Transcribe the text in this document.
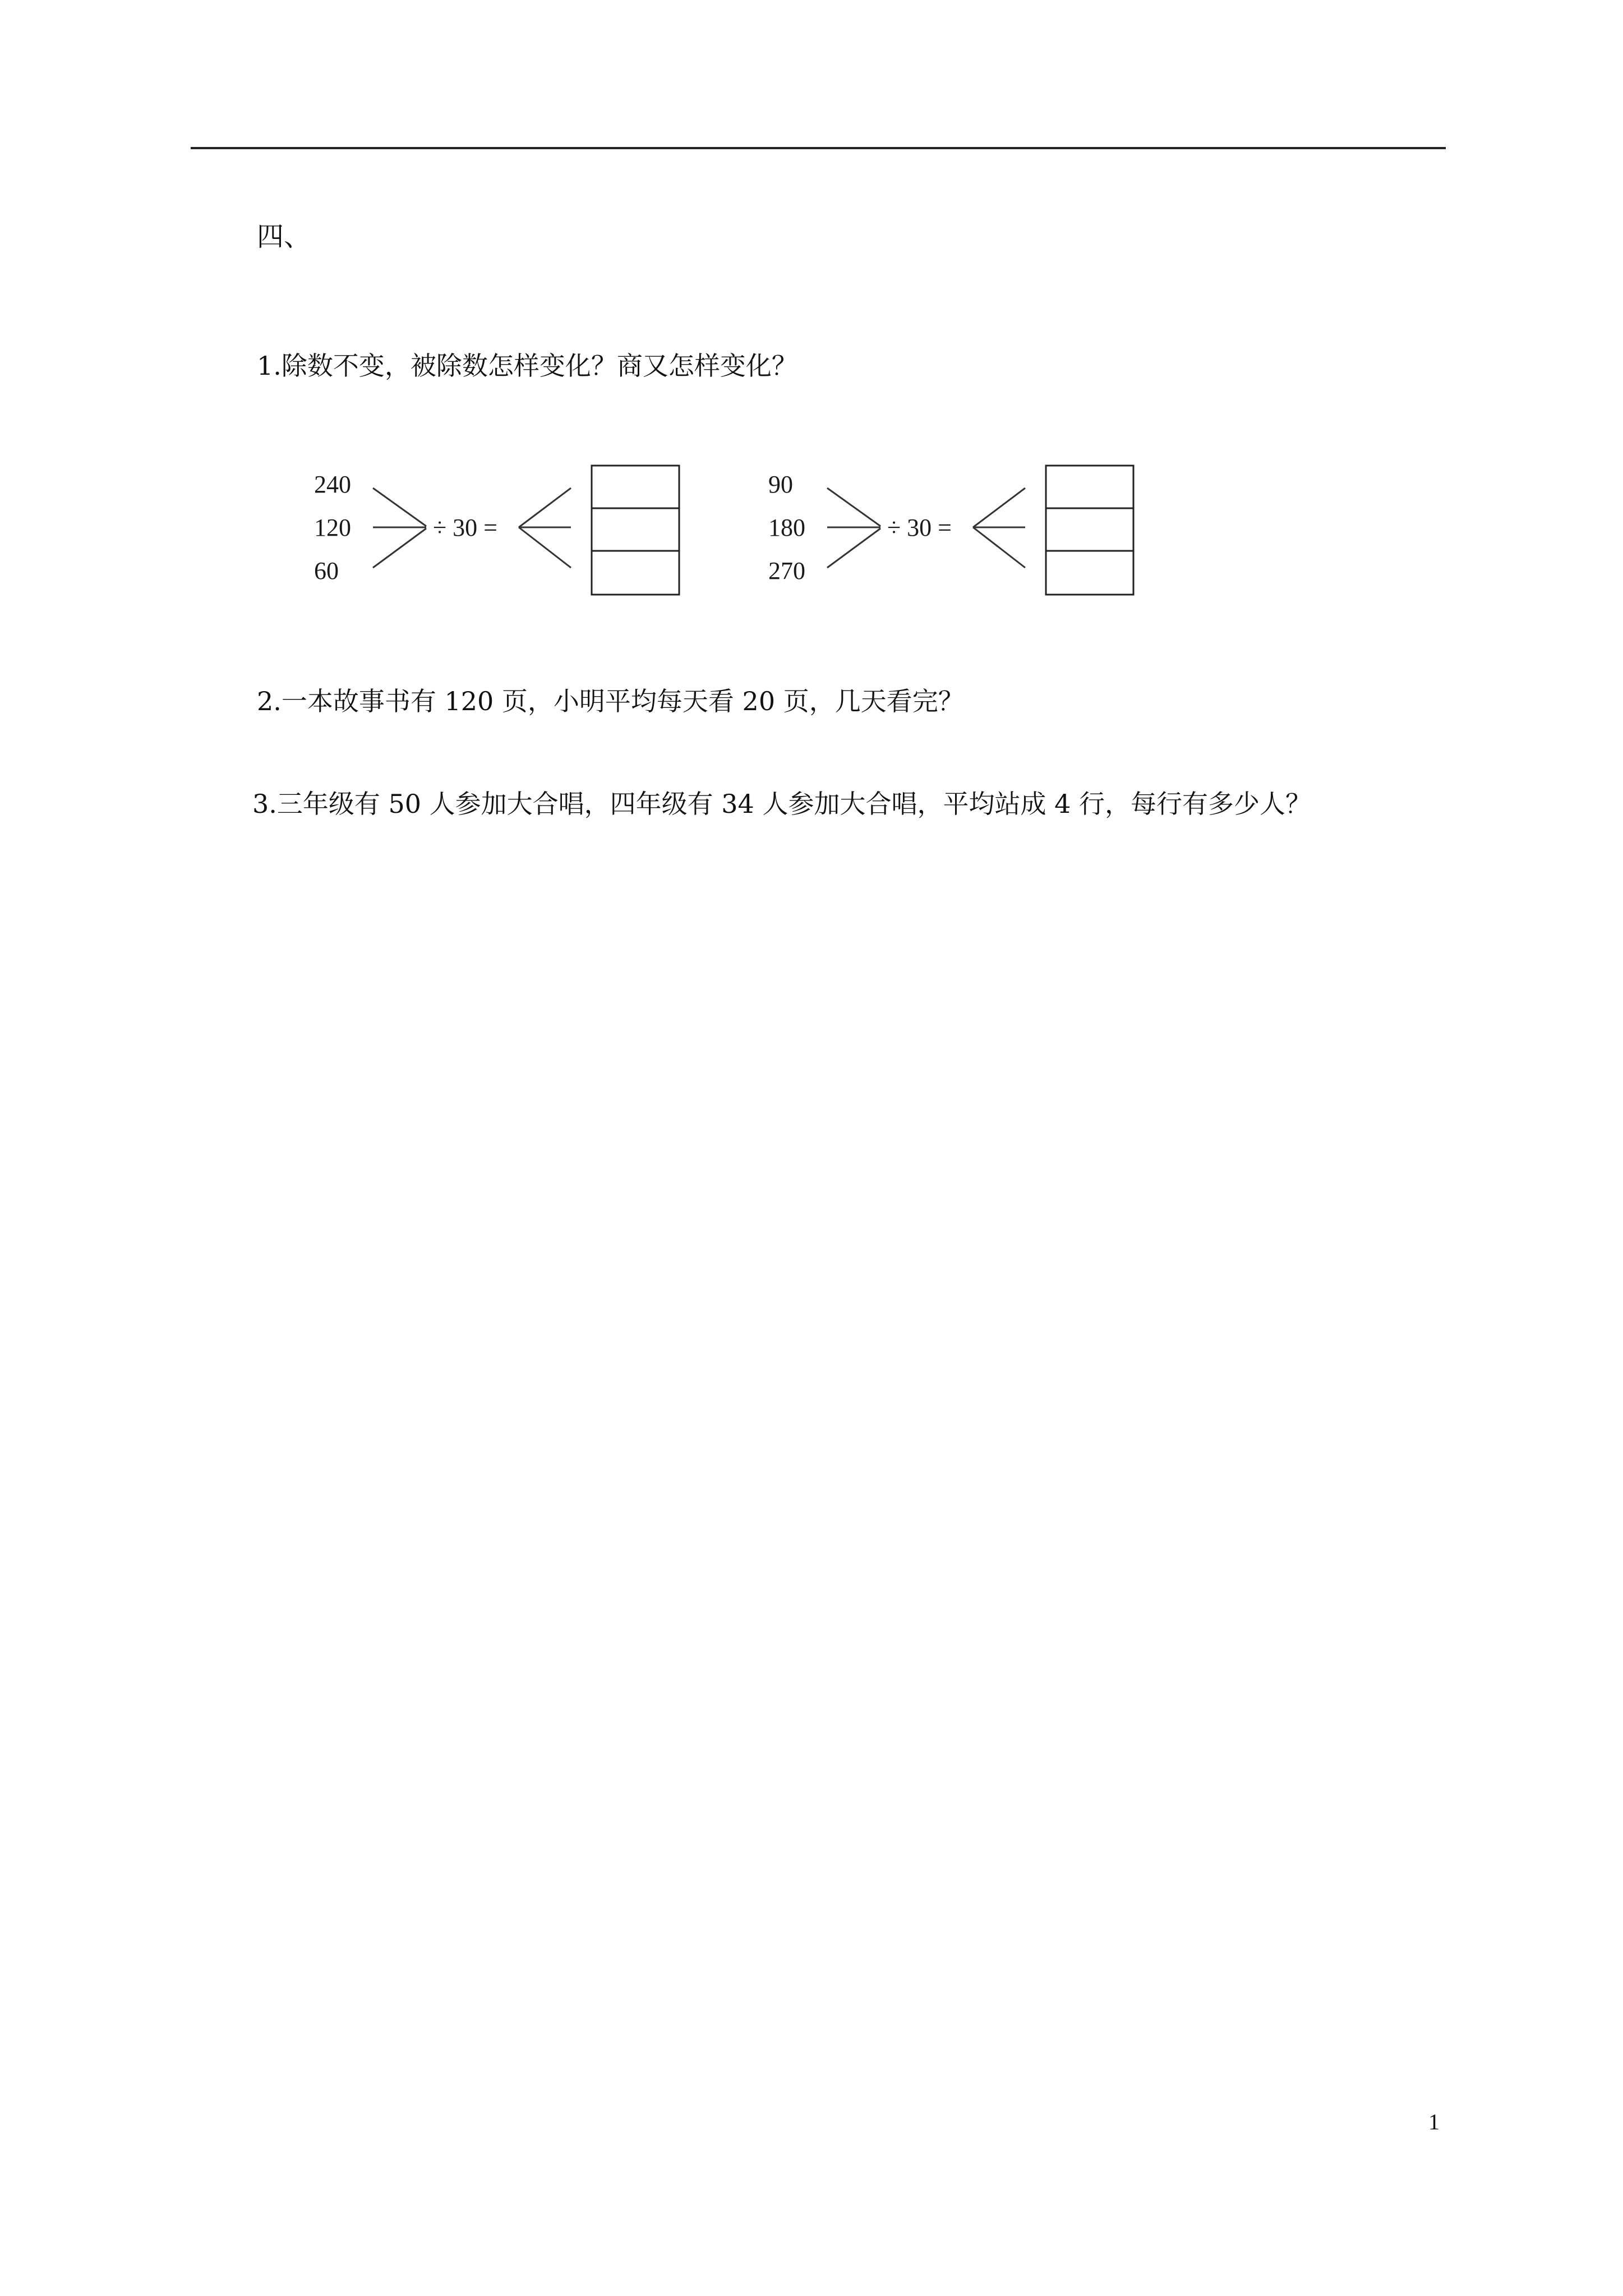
四、
1.除数不变，被除数怎样变化？商又怎样变化？
240
120
60
÷ 30 =
90
180
270
÷ 30 =
2.一本故事书有 120 页，小明平均每天看 20 页，几天看完？
3.三年级有 50 人参加大合唱，四年级有 34 人参加大合唱，平均站成 4 行，每行有多少人？
1
